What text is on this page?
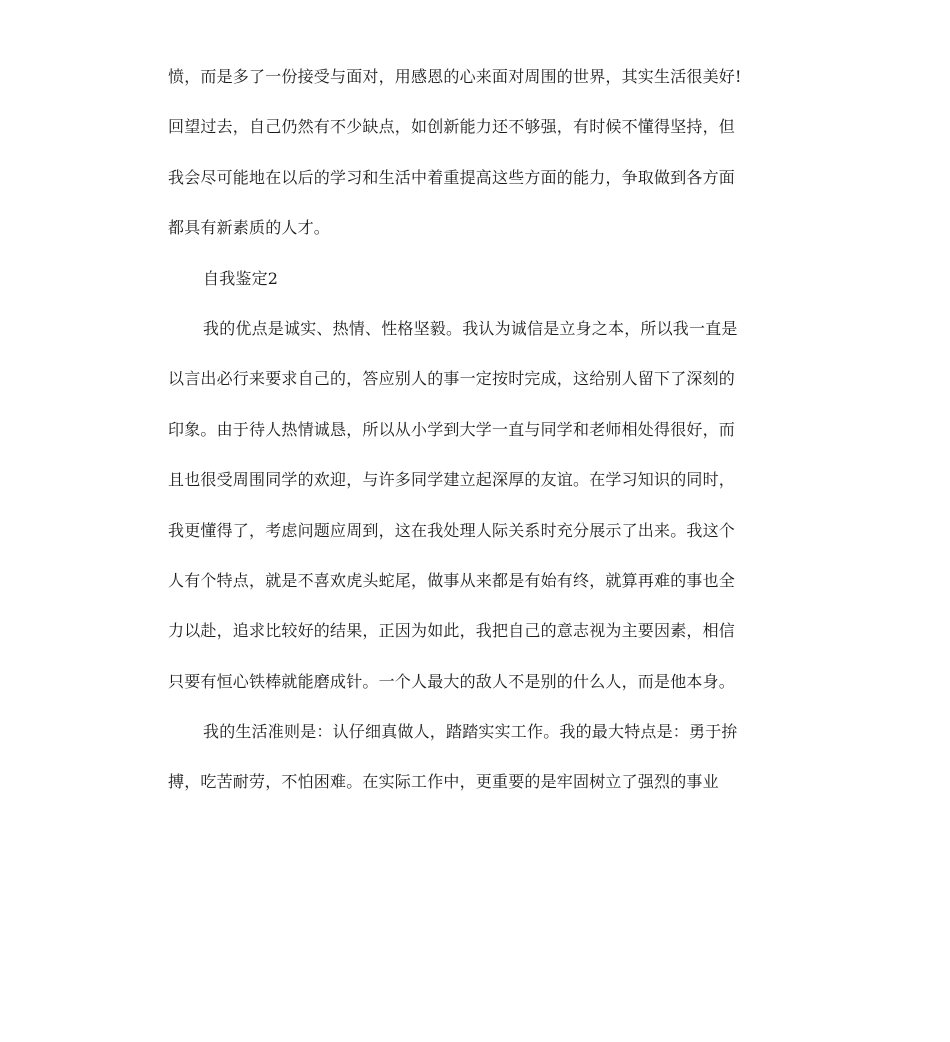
愤，而是多了一份接受与面对，用感恩的心来面对周围的世界，其实生活很美好!
回望过去，自己仍然有不少缺点，如创新能力还不够强，有时候不懂得坚持，但
我会尽可能地在以后的学习和生活中着重提高这些方面的能力，争取做到各方面
都具有新素质的人才。
自我鉴定2
我的优点是诚实、热情、性格坚毅。我认为诚信是立身之本，所以我一直是
以言出必行来要求自己的，答应别人的事一定按时完成，这给别人留下了深刻的
印象。由于待人热情诚恳，所以从小学到大学一直与同学和老师相处得很好，而
且也很受周围同学的欢迎，与许多同学建立起深厚的友谊。在学习知识的同时，
我更懂得了，考虑问题应周到，这在我处理人际关系时充分展示了出来。我这个
人有个特点，就是不喜欢虎头蛇尾，做事从来都是有始有终，就算再难的事也全
力以赴，追求比较好的结果，正因为如此，我把自己的意志视为主要因素，相信
只要有恒心铁棒就能磨成针。一个人最大的敌人不是别的什么人，而是他本身。
我的生活准则是：认仔细真做人，踏踏实实工作。我的最大特点是：勇于拚
搏，吃苦耐劳，不怕困难。在实际工作中，更重要的是牢固树立了强烈的事业
